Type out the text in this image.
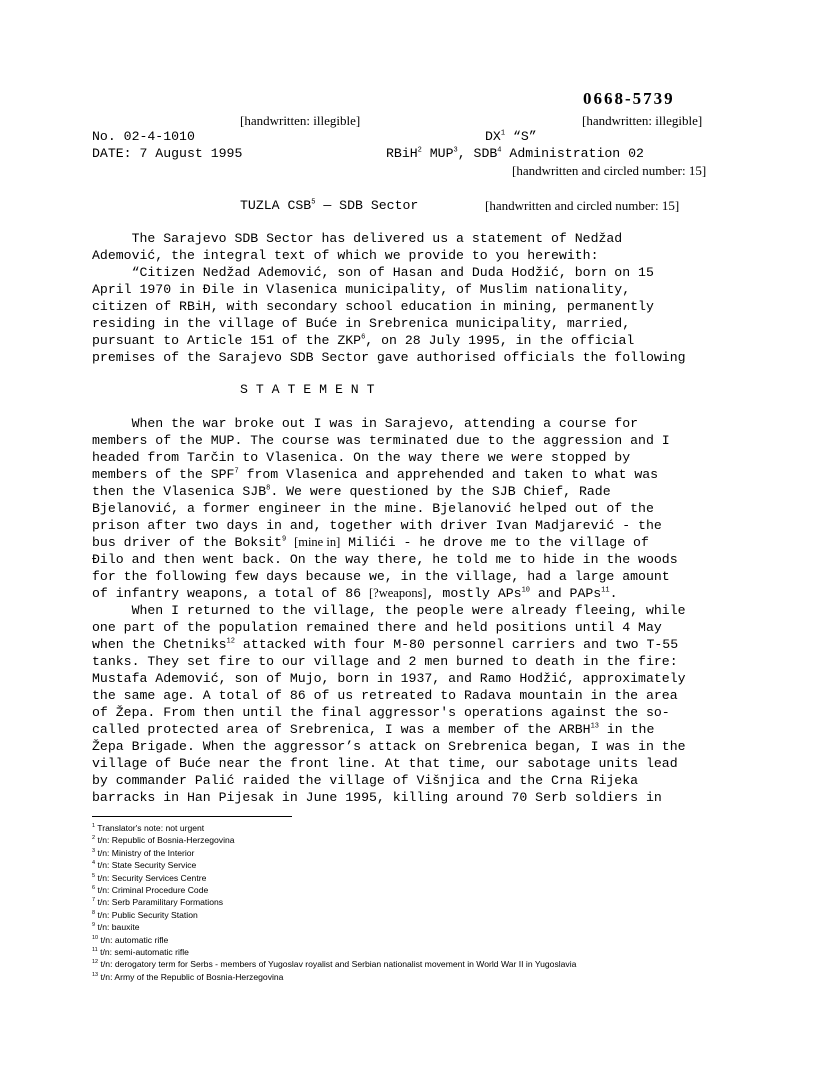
0668-5739
[handwritten: illegible]	[handwritten: illegible]
No. 02-4-1010	$DX^1$ “S”
DATE: 7 August 1995	RBiH$^2$ MUP$^3$, SDB$^4$ Administration 02
[handwritten and circled number: 15]
TUZLA CSB$^5$ — SDB Sector	[handwritten and circled number: 15]
The Sarajevo SDB Sector has delivered us a statement of Nedžad
Ademović, the integral text of which we provide to you herewith:
“Citizen Nedžad Ademović, son of Hasan and Duda Hodžić, born on 15
April 1970 in Đile in Vlasenica municipality, of Muslim nationality,
citizen of RBiH, with secondary school education in mining, permanently
residing in the village of Buće in Srebrenica municipality, married,
pursuant to Article 151 of the ZKP$^6$, on 28 July 1995, in the official
premises of the Sarajevo SDB Sector gave authorised officials the following
S T A T E M E N T
When the war broke out I was in Sarajevo, attending a course for
members of the MUP. The course was terminated due to the aggression and I
headed from Tarčin to Vlasenica. On the way there we were stopped by
members of the SPF$^7$ from Vlasenica and apprehended and taken to what was
then the Vlasenica SJB$^8$. We were questioned by the SJB Chief, Rade
Bjelanović, a former engineer in the mine. Bjelanović helped out of the
prison after two days in and, together with driver Ivan Madjarević - the
bus driver of the Boksit$^9$ [mine in] Milići - he drove me to the village of
Đilo and then went back. On the way there, he told me to hide in the woods
for the following few days because we, in the village, had a large amount
of infantry weapons, a total of 86 [?weapons], mostly APs$^{10}$ and PAPs$^{11}$.
When I returned to the village, the people were already fleeing, while
one part of the population remained there and held positions until 4 May
when the Chetniks$^{12}$ attacked with four M-80 personnel carriers and two T-55
tanks. They set fire to our village and 2 men burned to death in the fire:
Mustafa Ademović, son of Mujo, born in 1937, and Ramo Hodžić, approximately
the same age. A total of 86 of us retreated to Radava mountain in the area
of Žepa. From then until the final aggressor's operations against the so-
called protected area of Srebrenica, I was a member of the ARBH$^{13}$ in the
Žepa Brigade. When the aggressor’s attack on Srebrenica began, I was in the
village of Buće near the front line. At that time, our sabotage units lead
by commander Palić raided the village of Višnjica and the Crna Rijeka
barracks in Han Pijesak in June 1995, killing around 70 Serb soldiers in
$^1$ Translator's note: not urgent
$^2$ t/n: Republic of Bosnia-Herzegovina
$^3$ t/n: Ministry of the Interior
$^4$ t/n: State Security Service
$^5$ t/n: Security Services Centre
$^6$ t/n: Criminal Procedure Code
$^7$ t/n: Serb Paramilitary Formations
$^8$ t/n: Public Security Station
$^9$ t/n: bauxite
$^{10}$ t/n: automatic rifle
$^{11}$ t/n: semi-automatic rifle
$^{12}$ t/n: derogatory term for Serbs - members of Yugoslav royalist and Serbian nationalist movement in World War II in Yugoslavia
$^{13}$ t/n: Army of the Republic of Bosnia-Herzegovina
